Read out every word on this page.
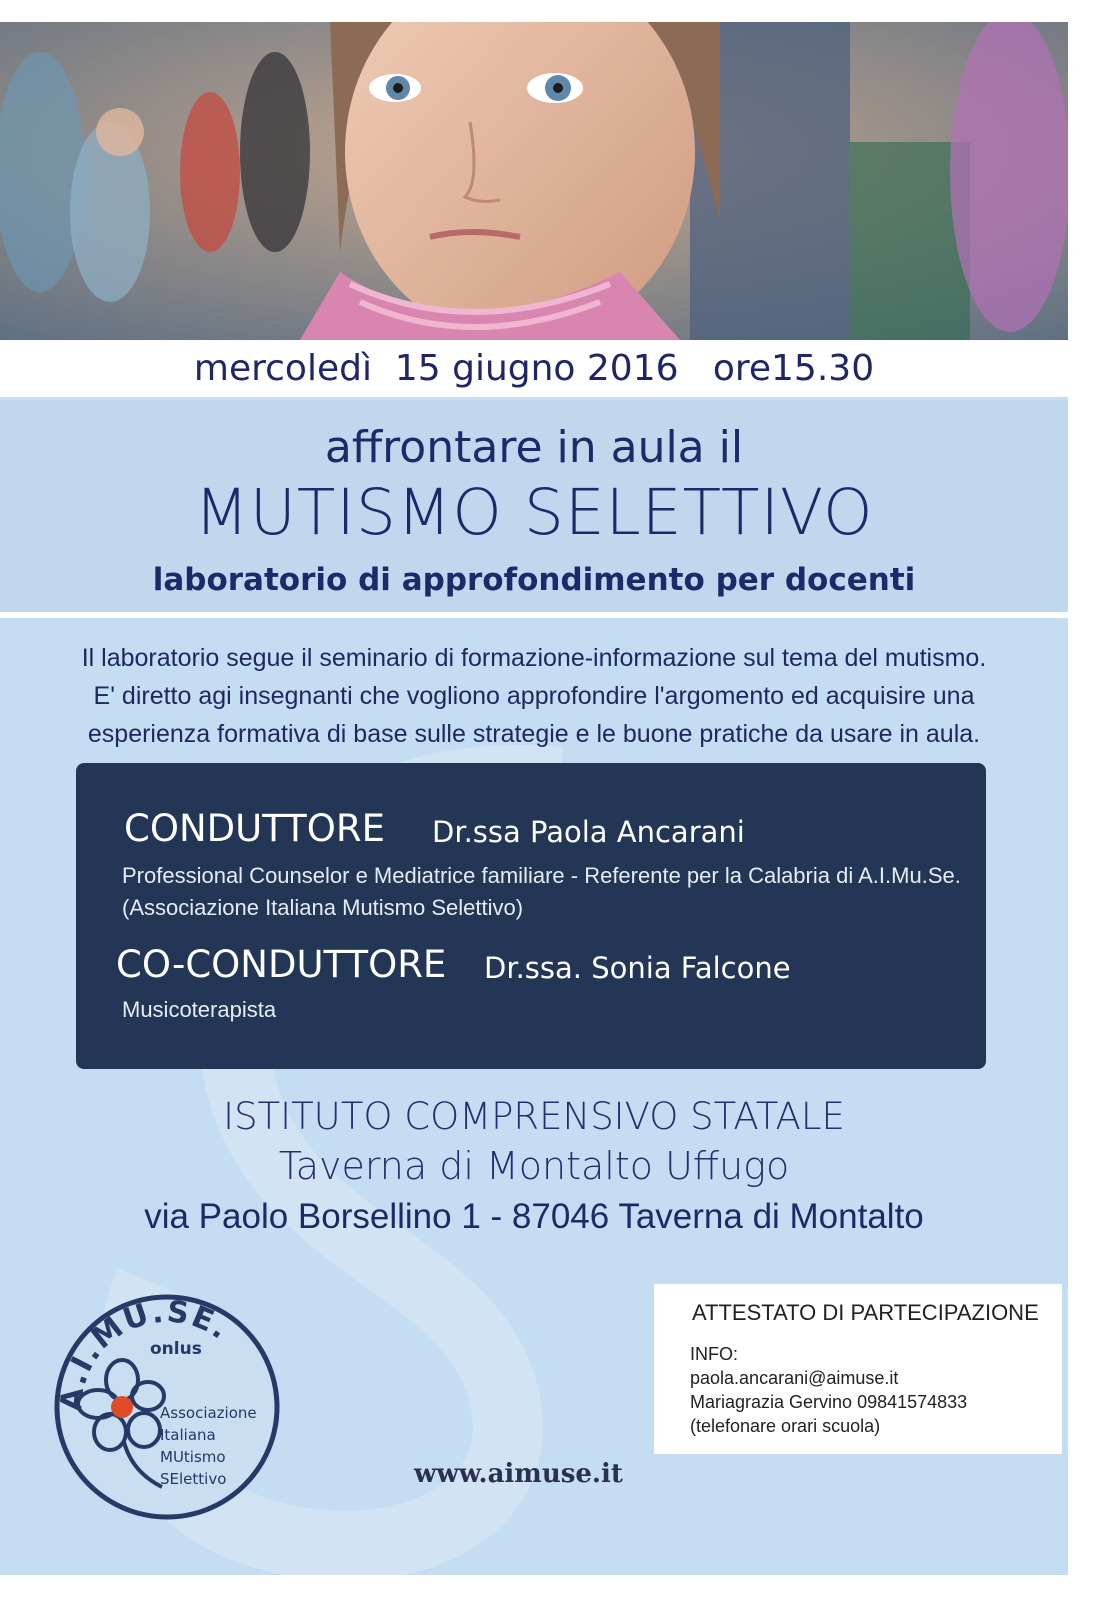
mercoledì  15 giugno 2016   ore15.30
affrontare in aula il
MUTISMO SELETTIVO
laboratorio di approfondimento per docenti
Il laboratorio segue il seminario di formazione-informazione sul tema del mutismo.
E' diretto agi insegnanti che vogliono approfondire l'argomento ed acquisire una
esperienza formativa di base sulle strategie e le buone pratiche da usare in aula.
CONDUTTORE Dr.ssa Paola Ancarani
Professional Counselor e Mediatrice familiare - Referente per la Calabria di A.I.Mu.Se.
(Associazione Italiana Mutismo Selettivo)
CO-CONDUTTORE Dr.ssa. Sonia Falcone
Musicoterapista
ISTITUTO COMPRENSIVO STATALE
Taverna di Montalto Uffugo
via Paolo Borsellino 1 - 87046 Taverna di Montalto
ATTESTATO DI PARTECIPAZIONE
INFO:
paola.ancarani@aimuse.it
Mariagrazia Gervino 09841574833
(telefonare orari scuola)
A.I.MU.SE.
onlus
Associazione
Italiana
MUtismo
SElettivo	www.aimuse.it
